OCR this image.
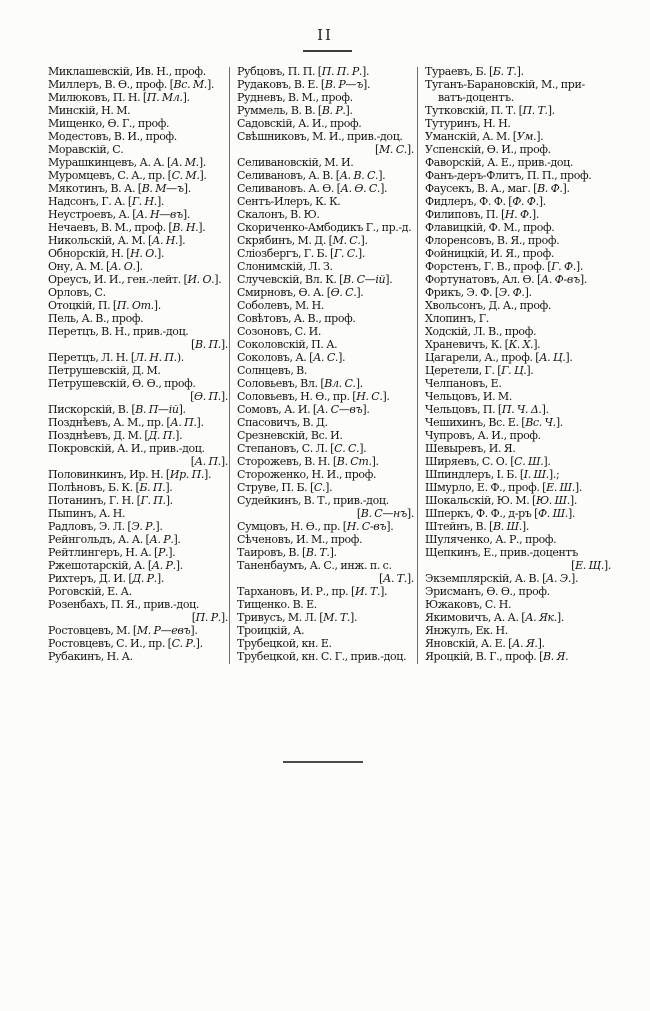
II
Миклашевскій, Ив. Н., проф.
Миллеръ, В. Ѳ., проф. [Вс. М.].
Милюковъ, П. Н. [П. Мл.].
Минскій, Н. М.
Мищенко, Ѳ. Г., проф.
Модестовъ, В. И., проф.
Моравскій, С.
Мурашкинцевъ, А. А. [А. М.].
Муромцевъ, С. А., пр. [С. М.].
Мякотинъ, В. А. [В. М—ъ].
Надсонъ, Г. А. [Г. Н.].
Неустроевъ, А. [А. Н—въ].
Нечаевъ, В. М., проф. [В. Н.].
Никольскій, А. М. [А. Н.].
Обнорскій, Н. [Н. О.].
Ону, А. М. [А. О.].
Ореусъ, И. И., ген.-лейт. [И. О.].
Орловъ, С.
Отоцкій, П. [П. От.].
Пель, А. В., проф.
Перетцъ, В. Н., прив.-доц.
[В. П.].
Перетцъ, Л. Н. [Л. Н. П.).
Петрушевскій, Д. М.
Петрушевскій, Ѳ. Ѳ., проф.
[Ѳ. П.].
Пискорскій, В. [В. П—ій].
Позднѣевъ, А. М., пр. [А. П.].
Позднѣевъ, Д. М. [Д. П.].
Покровскій, А. И., прив.-доц.
[А. П.].
Половинкинъ, Ир. Н. [Ир. П.].
Полѣновъ, Б. К. [Б. П.].
Потанинъ, Г. Н. [Г. П.].
Пыпинъ, А. Н.
Радловъ, Э. Л. [Э. Р.].
Рейнгольдъ, А. А. [А. Р.].
Рейтлингеръ, Н. А. [Р.].
Ржешотарскій, А. [А. Р.].
Рихтеръ, Д. И. [Д. Р.].
Роговскій, Е. А.
Розенбахъ, П. Я., прив.-доц.
[П. Р.].
Ростовцевъ, М. [М. Р—евъ].
Ростовцевъ, С. И., пр. [С. Р.].
Рубакинъ, Н. А.
Рубцовъ, П. П. [П. П. Р.].
Рудаковъ, В. Е. [В. Р—ъ].
Рудневъ, В. М., проф.
Руммель, В. В. [В. Р.].
Садовскій, А. И., проф.
Свѣшниковъ, М. И., прив.-доц.
[М. С.].
Селивановскій, М. И.
Селивановъ, А. В. [А. В. С.].
Селивановъ. А. Ѳ. [А. Ѳ. С.].
Сентъ-Илеръ, К. К.
Скалонъ, В. Ю.
Скориченко-Амбодикъ Г., пр.-д.
Скрябинъ, М. Д. [М. С.].
Сліозбергъ, Г. Б. [Г. С.].
Слонимскій, Л. З.
Случевскій, Вл. К. [В. С—ій].
Смирновъ, Ѳ. А. [Ѳ. С.].
Соболевъ, М. Н.
Совѣтовъ, А. В., проф.
Созоновъ, С. И.
Соколовскій, П. А.
Соколовъ, А. [А. С.].
Солнцевъ, В.
Соловьевъ, Вл. [Вл. С.].
Соловьевъ, Н. Ѳ., пр. [Н. С.].
Сомовъ, А. И. [А. С—въ].
Спасовичъ, В. Д.
Срезневскій, Вс. И.
Степановъ, С. Л. [С. С.].
Сторожевъ, В. Н. [В. Ст.].
Стороженко, Н. И., проф.
Струве, П. Б. [С.].
Судейкинъ, В. Т., прив.-доц.
[В. С—нъ].
Сумцовъ, Н. Ѳ., пр. [Н. С-въ].
Сѣченовъ, И. М., проф.
Таировъ, В. [В. Т.].
Таненбаумъ, А. С., инж. п. с.
[А. Т.].
Тархановъ, И. Р., пр. [И. Т.].
Тищенко. В. Е.
Тривусъ, М. Л. [М. Т.].
Троицкій, А.
Трубецкой, кн. Е.
Трубецкой, кн. С. Г., прив.-доц.
Тураевъ, Б. [Б. Т.].
Туганъ-Барановскій, М., при-
ватъ-доцентъ.
Тутковскій, П. Т. [П. Т.].
Тутуринъ, Н. Н.
Уманскій, А. М. [Ум.].
Успенскій, Ѳ. И., проф.
Фаворскій, А. Е., прив.-доц.
Фанъ-деръ-Флитъ, П. П., проф.
Фаусекъ, В. А., маг. [В. Ф.].
Фидлеръ, Ф. Ф. [Ф. Ф.].
Филиповъ, П. [Н. Ф.].
Флавицкій, Ф. М., проф.
Флоренсовъ, В. Я., проф.
Фойницкій, И. Я., проф.
Форстенъ, Г. В., проф. [Г. Ф.].
Фортунатовъ, Ал. Ѳ. [А. Ф-въ].
Фрикъ, Э. Ф. [Э. Ф.].
Хвольсонъ, Д. А., проф.
Хлопинъ, Г.
Ходскій, Л. В., проф.
Храневичъ, К. [К. Х.].
Цагарели, А., проф. [А. Ц.].
Церетели, Г. [Г. Ц.].
Челпановъ, Е.
Чельцовъ, И. М.
Чельцовъ, П. [П. Ч. Δ.].
Чешихинъ, Вс. Е. [Вс. Ч.].
Чупровъ, А. И., проф.
Шевыревъ, И. Я.
Ширяевъ, С. О. [С. Ш.].
Шпиндлеръ, І. Б. [І. Ш.].;
Шмурло, Е. Ф., проф. [Е. Ш.].
Шокальскій, Ю. М. [Ю. Ш.].
Шперкъ, Ф. Ф., д-ръ [Ф. Ш.].
Штейнъ, В. [В. Ш.].
Шуляченко, А. Р., проф.
Щепкинъ, Е., прив.-доцентъ
[Е. Щ.].
Экземплярскій, А. В. [А. Э.].
Эрисманъ, Ѳ. Ѳ., проф.
Южаковъ, С. Н.
Якимовичъ, А. А. [А. Як.].
Янжулъ, Ек. Н.
Яновскій, А. Е. [А. Я.].
Яроцкій, В. Г., проф. [В. Я.
